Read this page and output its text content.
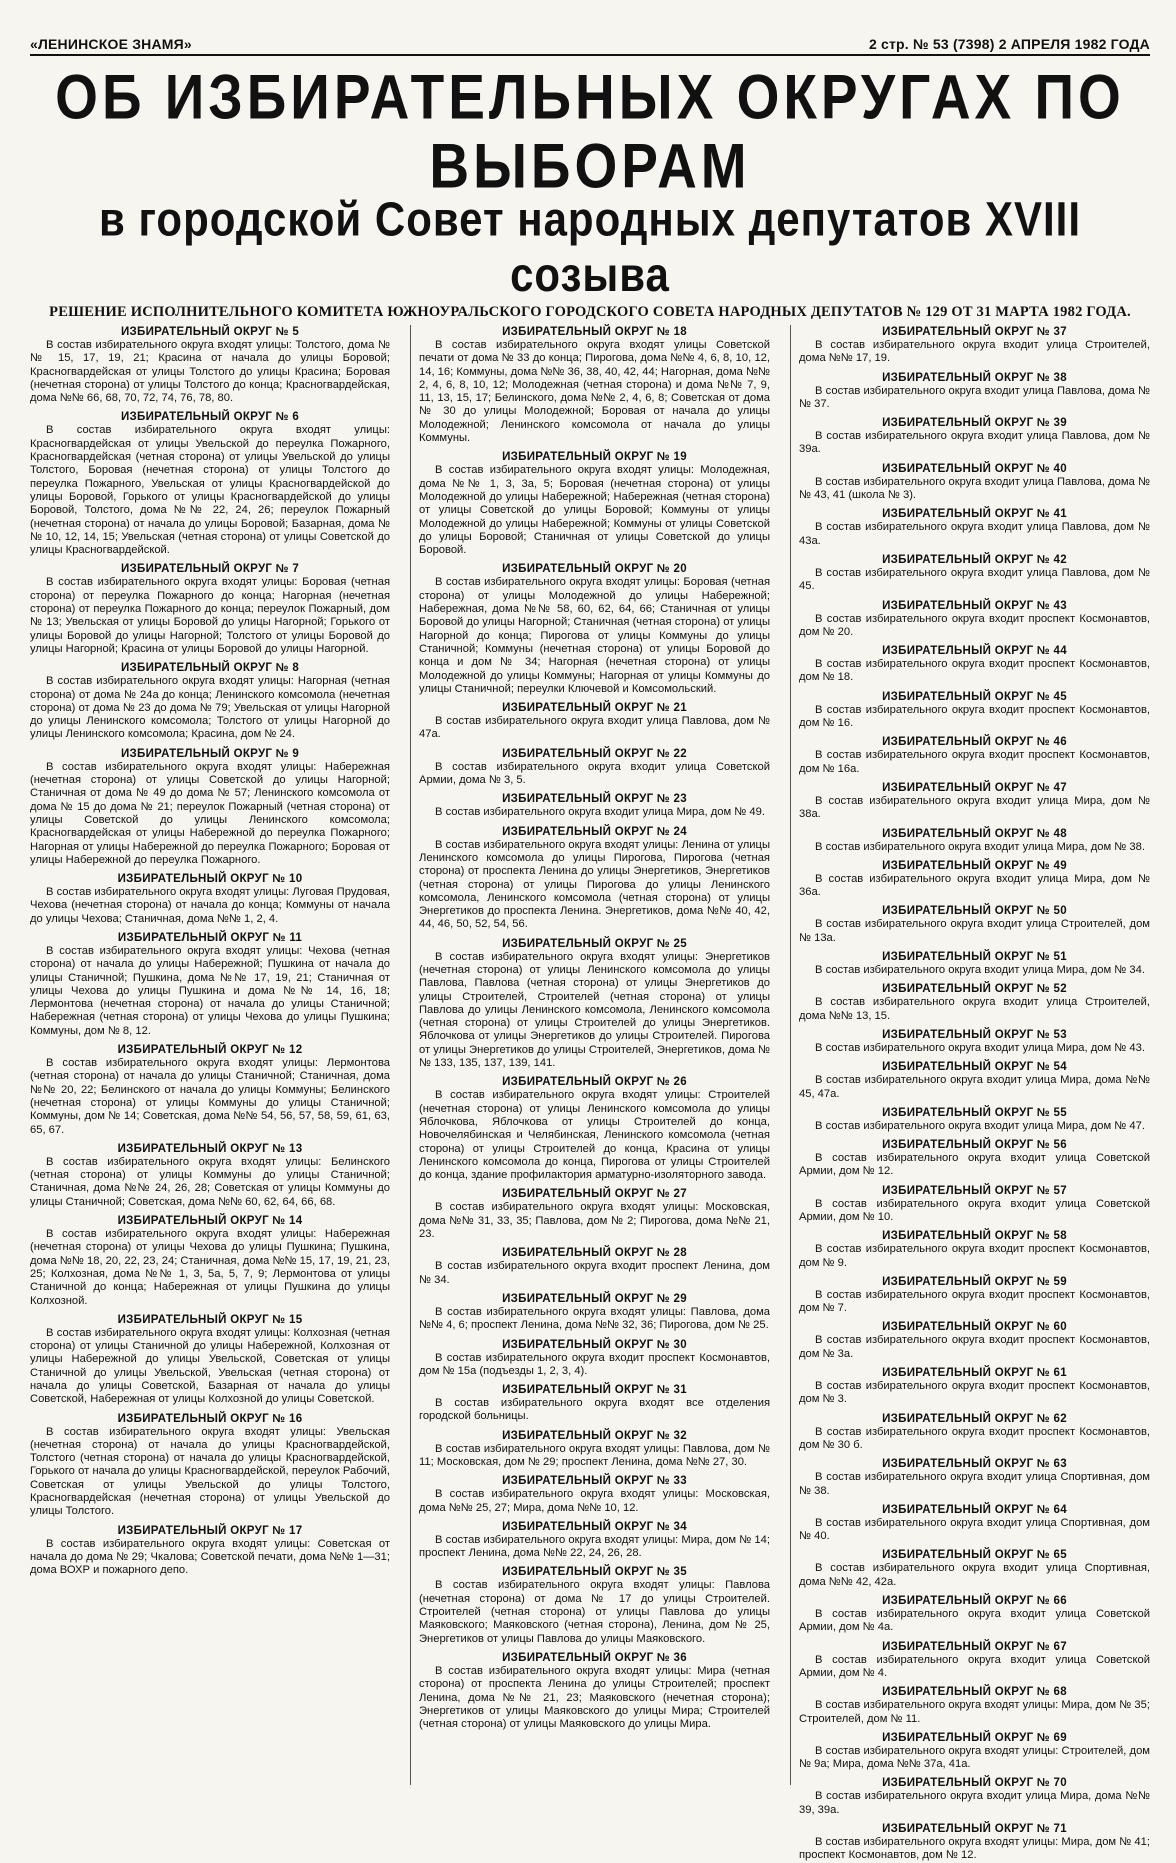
«ЛЕНИНСКОЕ ЗНАМЯ»	2 стр. № 53 (7398) 2 АПРЕЛЯ 1982 ГОДА
ОБ ИЗБИРАТЕЛЬНЫХ ОКРУГАХ ПО ВЫБОРАМ
в городской Совет народных депутатов XVIII созыва
РЕШЕНИЕ ИСПОЛНИТЕЛЬНОГО КОМИТЕТА ЮЖНОУРАЛЬСКОГО ГОРОДСКОГО СОВЕТА НАРОДНЫХ ДЕПУТАТОВ № 129 ОТ 31 МАРТА 1982 ГОДА.
ИЗБИРАТЕЛЬНЫЙ ОКРУГ № 5

В состав избирательного округа входят улицы: Толстого, дома №№ 15, 17, 19, 21; Красина от начала до улицы Боровой; Красногвардейская от улицы Толстого до улицы Красина; Боровая (нечетная сторона) от улицы Толстого до конца; Красногвардейская, дома №№ 66, 68, 70, 72, 74, 76, 78, 80.

ИЗБИРАТЕЛЬНЫЙ ОКРУГ № 6

В состав избирательного округа входят улицы: Красногвардейская от улицы Увельской до переулка Пожарного, Красногвардейская (четная сторона) от улицы Увельской до улицы Толстого, Боровая (нечетная сторона) от улицы Толстого до переулка Пожарного, Увельская от улицы Красногвардейской до улицы Боровой, Горького от улицы Красногвардейской до улицы Боровой, Толстого, дома №№ 22, 24, 26; переулок Пожарный (нечетная сторона) от начала до улицы Боровой; Базарная, дома №№ 10, 12, 14, 15; Увельская (четная сторона) от улицы Советской до улицы Красногвардейской.

ИЗБИРАТЕЛЬНЫЙ ОКРУГ № 7

В состав избирательного округа входят улицы: Боровая (четная сторона) от переулка Пожарного до конца; Нагорная (нечетная сторона) от переулка Пожарного до конца; переулок Пожарный, дом № 13; Увельская от улицы Боровой до улицы Нагорной; Горького от улицы Боровой до улицы Нагорной; Толстого от улицы Боровой до улицы Нагорной; Красина от улицы Боровой до улицы Нагорной.

ИЗБИРАТЕЛЬНЫЙ ОКРУГ № 8

В состав избирательного округа входят улицы: Нагорная (четная сторона) от дома № 24а до конца; Ленинского комсомола (нечетная сторона) от дома № 23 до дома № 79; Увельская от улицы Нагорной до улицы Ленинского комсомола; Толстого от улицы Нагорной до улицы Ленинского комсомола; Красина, дом № 24.

ИЗБИРАТЕЛЬНЫЙ ОКРУГ № 9

В состав избирательного округа входят улицы: Набережная (нечетная сторона) от улицы Советской до улицы Нагорной; Станичная от дома № 49 до дома № 57; Ленинского комсомола от дома № 15 до дома № 21; переулок Пожарный (четная сторона) от улицы Советской до улицы Ленинского комсомола; Красногвардейская от улицы Набережной до переулка Пожарного; Нагорная от улицы Набережной до переулка Пожарного; Боровая от улицы Набережной до переулка Пожарного.

ИЗБИРАТЕЛЬНЫЙ ОКРУГ № 10

В состав избирательного округа входят улицы: Луговая Прудовая, Чехова (нечетная сторона) от начала до конца; Коммуны от начала до улицы Чехова; Станичная, дома №№ 1, 2, 4.

ИЗБИРАТЕЛЬНЫЙ ОКРУГ № 11

В состав избирательного округа входят улицы: Чехова (четная сторона) от начала до улицы Набережной; Пушкина от начала до улицы Станичной; Пушкина, дома №№ 17, 19, 21; Станичная от улицы Чехова до улицы Пушкина и дома №№ 14, 16, 18; Лермонтова (нечетная сторона) от начала до улицы Станичной; Набережная (четная сторона) от улицы Чехова до улицы Пушкина; Коммуны, дом № 8, 12.

ИЗБИРАТЕЛЬНЫЙ ОКРУГ № 12

В состав избирательного округа входят улицы: Лермонтова (четная сторона) от начала до улицы Станичной; Станичная, дома №№ 20, 22; Белинского от начала до улицы Коммуны; Белинского (нечетная сторона) от улицы Коммуны до улицы Станичной; Коммуны, дом № 14; Советская, дома №№ 54, 56, 57, 58, 59, 61, 63, 65, 67.

ИЗБИРАТЕЛЬНЫЙ ОКРУГ № 13

В состав избирательного округа входят улицы: Белинского (четная сторона) от улицы Коммуны до улицы Станичной; Станичная, дома №№ 24, 26, 28; Советская от улицы Коммуны до улицы Станичной; Советская, дома №№ 60, 62, 64, 66, 68.

ИЗБИРАТЕЛЬНЫЙ ОКРУГ № 14

В состав избирательного округа входят улицы: Набережная (нечетная сторона) от улицы Чехова до улицы Пушкина; Пушкина, дома №№ 18, 20, 22, 23, 24; Станичная, дома №№ 15, 17, 19, 21, 23, 25; Колхозная, дома №№ 1, 3, 5а, 5, 7, 9; Лермонтова от улицы Станичной до конца; Набережная от улицы Пушкина до улицы Колхозной.

ИЗБИРАТЕЛЬНЫЙ ОКРУГ № 15

В состав избирательного округа входят улицы: Колхозная (четная сторона) от улицы Станичной до улицы Набережной, Колхозная от улицы Набережной до улицы Увельской, Советская от улицы Станичной до улицы Увельской, Увельская (четная сторона) от начала до улицы Советской, Базарная от начала до улицы Советской, Набережная от улицы Колхозной до улицы Советской.

ИЗБИРАТЕЛЬНЫЙ ОКРУГ № 16

В состав избирательного округа входят улицы: Увельская (нечетная сторона) от начала до улицы Красногвардейской, Толстого (четная сторона) от начала до улицы Красногвардейской, Горького от начала до улицы Красногвардейской, переулок Рабочий, Советская от улицы Увельской до улицы Толстого, Красногвардейская (нечетная сторона) от улицы Увельской до улицы Толстого.

ИЗБИРАТЕЛЬНЫЙ ОКРУГ № 17

В состав избирательного округа входят улицы: Советская от начала до дома № 29; Чкалова; Советской печати, дома №№ 1—31; дома ВОХР и пожарного депо.

ИЗБИРАТЕЛЬНЫЙ ОКРУГ № 18

В состав избирательного округа входят улицы Советской печати от дома № 33 до конца; Пирогова, дома №№ 4, 6, 8, 10, 12, 14, 16; Коммуны, дома №№ 36, 38, 40, 42, 44; Нагорная, дома №№ 2, 4, 6, 8, 10, 12; Молодежная (четная сторона) и дома №№ 7, 9, 11, 13, 15, 17; Белинского, дома №№ 2, 4, 6, 8; Советская от дома № 30 до улицы Молодежной; Боровая от начала до улицы Молодежной; Ленинского комсомола от начала до улицы Коммуны.

ИЗБИРАТЕЛЬНЫЙ ОКРУГ № 19

В состав избирательного округа входят улицы: Молодежная, дома №№ 1, 3, 3а, 5; Боровая (нечетная сторона) от улицы Молодежной до улицы Набережной; Набережная (четная сторона) от улицы Советской до улицы Боровой; Коммуны от улицы Молодежной до улицы Набережной; Коммуны от улицы Советской до улицы Боровой; Станичная от улицы Советской до улицы Боровой.

ИЗБИРАТЕЛЬНЫЙ ОКРУГ № 20

В состав избирательного округа входят улицы: Боровая (четная сторона) от улицы Молодежной до улицы Набережной; Набережная, дома №№ 58, 60, 62, 64, 66; Станичная от улицы Боровой до улицы Нагорной; Станичная (четная сторона) от улицы Нагорной до конца; Пирогова от улицы Коммуны до улицы Станичной; Коммуны (нечетная сторона) от улицы Боровой до конца и дом № 34; Нагорная (нечетная сторона) от улицы Молодежной до улицы Коммуны; Нагорная от улицы Коммуны до улицы Станичной; переулки Ключевой и Комсомольский.

ИЗБИРАТЕЛЬНЫЙ ОКРУГ № 21

В состав избирательного округа входит улица Павлова, дом № 47а.

ИЗБИРАТЕЛЬНЫЙ ОКРУГ № 22

В состав избирательного округа входит улица Советской Армии, дома № 3, 5.

ИЗБИРАТЕЛЬНЫЙ ОКРУГ № 23

В состав избирательного округа входит улица Мира, дом № 49.

ИЗБИРАТЕЛЬНЫЙ ОКРУГ № 24

В состав избирательного округа входят улицы: Ленина от улицы Ленинского комсомола до улицы Пирогова, Пирогова (четная сторона) от проспекта Ленина до улицы Энергетиков, Энергетиков (четная сторона) от улицы Пирогова до улицы Ленинского комсомола, Ленинского комсомола (четная сторона) от улицы Энергетиков до проспекта Ленина. Энергетиков, дома №№ 40, 42, 44, 46, 50, 52, 54, 56.

ИЗБИРАТЕЛЬНЫЙ ОКРУГ № 25

В состав избирательного округа входят улицы: Энергетиков (нечетная сторона) от улицы Ленинского комсомола до улицы Павлова, Павлова (четная сторона) от улицы Энергетиков до улицы Строителей, Строителей (четная сторона) от улицы Павлова до улицы Ленинского комсомола, Ленинского комсомола (четная сторона) от улицы Строителей до улицы Энергетиков. Яблочкова от улицы Энергетиков до улицы Строителей. Пирогова от улицы Энергетиков до улицы Строителей, Энергетиков, дома №№ 133, 135, 137, 139, 141.

ИЗБИРАТЕЛЬНЫЙ ОКРУГ № 26

В состав избирательного округа входят улицы: Строителей (нечетная сторона) от улицы Ленинского комсомола до улицы Яблочкова, Яблочкова от улицы Строителей до конца, Новочелябинская и Челябинская, Ленинского комсомола (четная сторона) от улицы Строителей до конца, Красина от улицы Ленинского комсомола до конца, Пирогова от улицы Строителей до конца, здание профилактория арматурно-изоляторного завода.

ИЗБИРАТЕЛЬНЫЙ ОКРУГ № 27

В состав избирательного округа входят улицы: Московская, дома №№ 31, 33, 35; Павлова, дом № 2; Пирогова, дома №№ 21, 23.

ИЗБИРАТЕЛЬНЫЙ ОКРУГ № 28

В состав избирательного округа входит проспект Ленина, дом № 34.

ИЗБИРАТЕЛЬНЫЙ ОКРУГ № 29

В состав избирательного округа входят улицы: Павлова, дома №№ 4, 6; проспект Ленина, дома №№ 32, 36; Пирогова, дом № 25.

ИЗБИРАТЕЛЬНЫЙ ОКРУГ № 30

В состав избирательного округа входит проспект Космонавтов, дом № 15а (подъезды 1, 2, 3, 4).

ИЗБИРАТЕЛЬНЫЙ ОКРУГ № 31

В состав избирательного округа входят все отделения городской больницы.

ИЗБИРАТЕЛЬНЫЙ ОКРУГ № 32

В состав избирательного округа входят улицы: Павлова, дом № 11; Московская, дом № 29; проспект Ленина, дома №№ 27, 30.

ИЗБИРАТЕЛЬНЫЙ ОКРУГ № 33

В состав избирательного округа входят улицы: Московская, дома №№ 25, 27; Мира, дома №№ 10, 12.

ИЗБИРАТЕЛЬНЫЙ ОКРУГ № 34

В состав избирательного округа входят улицы: Мира, дом № 14; проспект Ленина, дома №№ 22, 24, 26, 28.

ИЗБИРАТЕЛЬНЫЙ ОКРУГ № 35

В состав избирательного округа входят улицы: Павлова (нечетная сторона) от дома № 17 до улицы Строителей. Строителей (четная сторона) от улицы Павлова до улицы Маяковского; Маяковского (четная сторона), Ленина, дом № 25, Энергетиков от улицы Павлова до улицы Маяковского.

ИЗБИРАТЕЛЬНЫЙ ОКРУГ № 36

В состав избирательного округа входят улицы: Мира (четная сторона) от проспекта Ленина до улицы Строителей; проспект Ленина, дома №№ 21, 23; Маяковского (нечетная сторона); Энергетиков от улицы Маяковского до улицы Мира; Строителей (четная сторона) от улицы Маяковского до улицы Мира.

ИЗБИРАТЕЛЬНЫЙ ОКРУГ № 37

В состав избирательного округа входит улица Строителей, дома №№ 17, 19.

ИЗБИРАТЕЛЬНЫЙ ОКРУГ № 38

В состав избирательного округа входит улица Павлова, дома №№ 37.

ИЗБИРАТЕЛЬНЫЙ ОКРУГ № 39

В состав избирательного округа входит улица Павлова, дом № 39а.

ИЗБИРАТЕЛЬНЫЙ ОКРУГ № 40

В состав избирательного округа входит улица Павлова, дома №№ 43, 41 (школа № 3).

ИЗБИРАТЕЛЬНЫЙ ОКРУГ № 41

В состав избирательного округа входит улица Павлова, дом № 43а.

ИЗБИРАТЕЛЬНЫЙ ОКРУГ № 42

В состав избирательного округа входит улица Павлова, дом № 45.

ИЗБИРАТЕЛЬНЫЙ ОКРУГ № 43

В состав избирательного округа входит проспект Космонавтов, дом № 20.

ИЗБИРАТЕЛЬНЫЙ ОКРУГ № 44

В состав избирательного округа входит проспект Космонавтов, дом № 18.

ИЗБИРАТЕЛЬНЫЙ ОКРУГ № 45

В состав избирательного округа входит проспект Космонавтов, дом № 16.

ИЗБИРАТЕЛЬНЫЙ ОКРУГ № 46

В состав избирательного округа входит проспект Космонавтов, дом № 16а.

ИЗБИРАТЕЛЬНЫЙ ОКРУГ № 47

В состав избирательного округа входит улица Мира, дом № 38а.

ИЗБИРАТЕЛЬНЫЙ ОКРУГ № 48

В состав избирательного округа входит улица Мира, дом № 38.

ИЗБИРАТЕЛЬНЫЙ ОКРУГ № 49

В состав избирательного округа входит улица Мира, дом № 36а.

ИЗБИРАТЕЛЬНЫЙ ОКРУГ № 50

В состав избирательного округа входит улица Строителей, дом № 13а.

ИЗБИРАТЕЛЬНЫЙ ОКРУГ № 51

В состав избирательного округа входит улица Мира, дом № 34.

ИЗБИРАТЕЛЬНЫЙ ОКРУГ № 52

В состав избирательного округа входит улица Строителей, дома №№ 13, 15.

ИЗБИРАТЕЛЬНЫЙ ОКРУГ № 53

В состав избирательного округа входит улица Мира, дом № 43.

ИЗБИРАТЕЛЬНЫЙ ОКРУГ № 54

В состав избирательного округа входит улица Мира, дома №№ 45, 47а.

ИЗБИРАТЕЛЬНЫЙ ОКРУГ № 55

В состав избирательного округа входит улица Мира, дом № 47.

ИЗБИРАТЕЛЬНЫЙ ОКРУГ № 56

В состав избирательного округа входит улица Советской Армии, дом № 12.

ИЗБИРАТЕЛЬНЫЙ ОКРУГ № 57

В состав избирательного округа входит улица Советской Армии, дом № 10.

ИЗБИРАТЕЛЬНЫЙ ОКРУГ № 58

В состав избирательного округа входит проспект Космонавтов, дом № 9.

ИЗБИРАТЕЛЬНЫЙ ОКРУГ № 59

В состав избирательного округа входит проспект Космонавтов, дом № 7.

ИЗБИРАТЕЛЬНЫЙ ОКРУГ № 60

В состав избирательного округа входит проспект Космонавтов, дом № 3а.

ИЗБИРАТЕЛЬНЫЙ ОКРУГ № 61

В состав избирательного округа входит проспект Космонавтов, дом № 3.

ИЗБИРАТЕЛЬНЫЙ ОКРУГ № 62

В состав избирательного округа входит проспект Космонавтов, дом № 30 б.

ИЗБИРАТЕЛЬНЫЙ ОКРУГ № 63

В состав избирательного округа входит улица Спортивная, дом № 38.

ИЗБИРАТЕЛЬНЫЙ ОКРУГ № 64

В состав избирательного округа входит улица Спортивная, дом № 40.

ИЗБИРАТЕЛЬНЫЙ ОКРУГ № 65

В состав избирательного округа входит улица Спортивная, дома №№ 42, 42а.

ИЗБИРАТЕЛЬНЫЙ ОКРУГ № 66

В состав избирательного округа входит улица Советской Армии, дом № 4а.

ИЗБИРАТЕЛЬНЫЙ ОКРУГ № 67

В состав избирательного округа входит улица Советской Армии, дом № 4.

ИЗБИРАТЕЛЬНЫЙ ОКРУГ № 68

В состав избирательного округа входят улицы: Мира, дом № 35; Строителей, дом № 11.

ИЗБИРАТЕЛЬНЫЙ ОКРУГ № 69

В состав избирательного округа входят улицы: Строителей, дом № 9а; Мира, дома №№ 37а, 41а.

ИЗБИРАТЕЛЬНЫЙ ОКРУГ № 70

В состав избирательного округа входит улица Мира, дома №№ 39, 39а.

ИЗБИРАТЕЛЬНЫЙ ОКРУГ № 71

В состав избирательного округа входят улицы: Мира, дом № 41; проспект Космонавтов, дом № 12.
